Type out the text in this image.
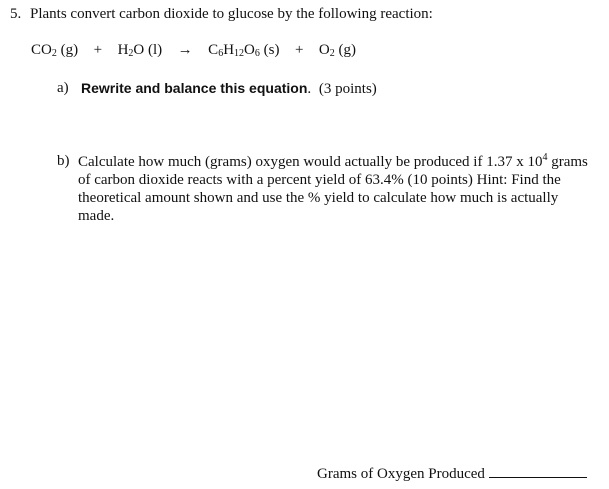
5. Plants convert carbon dioxide to glucose by the following reaction:
$CO_2$ $(g) + H_2O$ $(l) \to C_6H_{12}O_6$ $(s) + O_2$ (g)
a) Rewrite and balance this equation. (3 points)
b) Calculate how much (grams) oxygen would actually be produced if 1.37 x $10^4$ grams of carbon dioxide reacts with a percent yield of 63.4% (10 points) Hint: Find the theoretical amount shown and use the % yield to calculate how much is actually made.
Grams of Oxygen Produced
